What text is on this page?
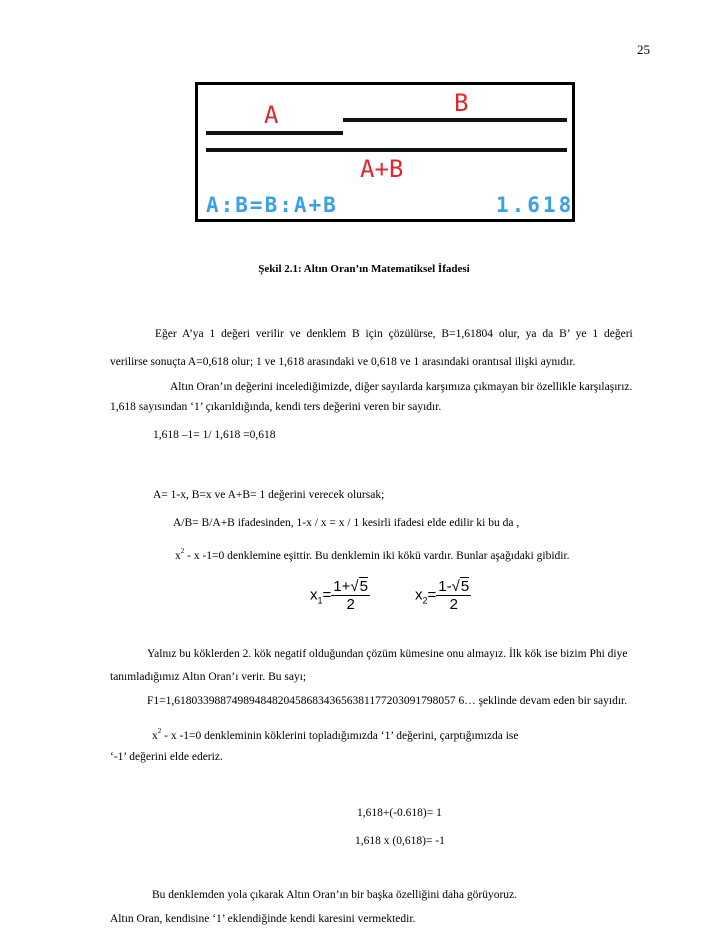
25
A	B
A+B
A:B=B:A+B	1.618
Şekil 2.1: Altın Oran’ın Matematiksel İfadesi
Eğer A’ya 1 değeri verilir ve denklem B için çözülürse, B=1,61804 olur, ya da B’ ye 1 değeri
verilirse sonuçta A=0,618 olur; 1 ve 1,618 arasındaki ve 0,618 ve 1 arasındaki orantısal ilişki aynıdır.
Altın Oran’ın değerini incelediğimizde, diğer sayılarda karşımıza çıkmayan bir özellikle karşılaşırız.
1,618 sayısından ‘1’ çıkarıldığında, kendi ters değerini veren bir sayıdır.
1,618 –1= 1/ 1,618 =0,618
A= 1-x, B=x ve A+B= 1 değerini verecek olursak;
A/B= B/A+B ifadesinden, 1-x / x = x / 1 kesirli ifadesi elde edilir ki bu da ,
$x^2$ - x -1=0 denklemine eşittir. Bu denklemin iki kökü vardır. Bunlar aşağıdaki gibidir.
$x_1= \frac{1+√5}{2}$	$x_2= \frac{1-√5}{2}$
Yalnız bu köklerden 2. kök negatif olduğundan çözüm kümesine onu almayız. İlk kök ise bizim Phi diye
tanımladığımız Altın Oran’ı verir. Bu sayı;
F1=1,6180339887498948482045868343656381177203091798057 6… şeklinde devam eden bir sayıdır.
$x^2$ - x -1=0 denkleminin köklerini topladığımızda ‘1’ değerini, çarptığımızda ise
‘-1’ değerini elde ederiz.
1,618+(-0.618)= 1
1,618 x (0,618)= -1
Bu denklemden yola çıkarak Altın Oran’ın bir başka özelliğini daha görüyoruz.
Altın Oran, kendisine ‘1’ eklendiğinde kendi karesini vermektedir.
